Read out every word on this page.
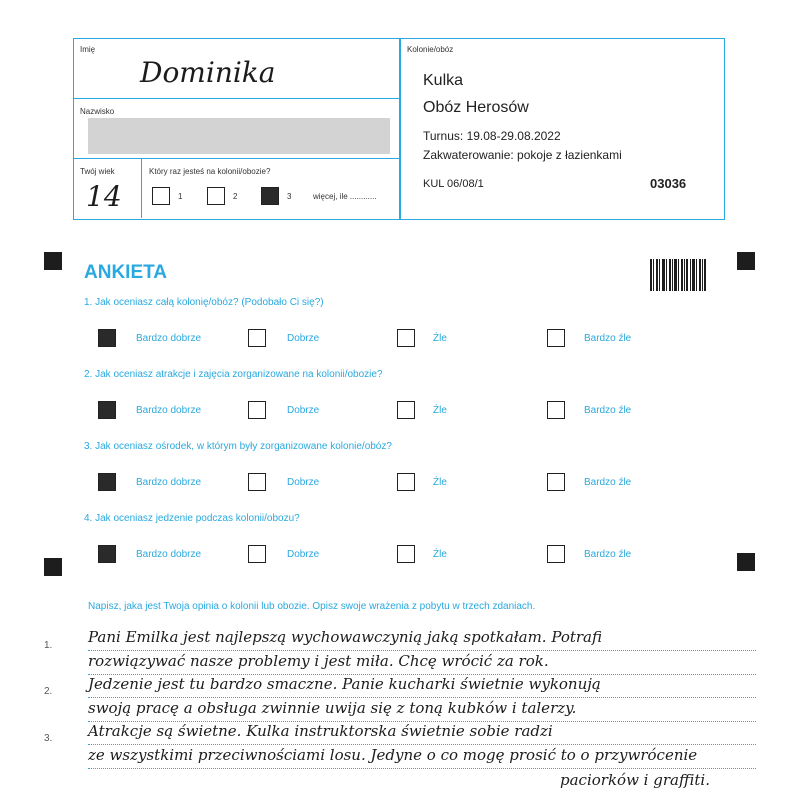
Imię
Dominika
Nazwisko
Twój wiek
14
Który raz jesteś na kolonii/obozie?
1	2	3	więcej, ile ............
Kolonie/obóz
Kulka
Obóz Herosów
Turnus: 19.08-29.08.2022
Zakwaterowanie: pokoje z łazienkami
KUL 06/08/1	03036
ANKIETA
1. Jak oceniasz całą kolonię/obóz? (Podobało Ci się?)
Bardzo dobrze	Dobrze	Źle	Bardzo źle
2. Jak oceniasz atrakcje i zajęcia zorganizowane na kolonii/obozie?
Bardzo dobrze	Dobrze	Źle	Bardzo źle
3. Jak oceniasz ośrodek, w którym były zorganizowane kolonie/obóz?
Bardzo dobrze	Dobrze	Źle	Bardzo źle
4. Jak oceniasz jedzenie podczas kolonii/obozu?
Bardzo dobrze	Dobrze	Źle	Bardzo źle
Napisz, jaka jest Twoja opinia o kolonii lub obozie. Opisz swoje wrażenia z pobytu w trzech zdaniach.
1.
2.
3.
Pani Emilka jest najlepszą wychowawczynią jaką spotkałam. Potrafi
rozwiązywać nasze problemy i jest miła. Chcę wrócić za rok.
Jedzenie jest tu bardzo smaczne. Panie kucharki świetnie wykonują
swoją pracę a obsługa zwinnie uwija się z toną kubków i talerzy.
Atrakcje są świetne. Kulka instruktorska świetnie sobie radzi
ze wszystkimi przeciwnościami losu. Jedyne o co mogę prosić to o przywrócenie
paciorków i graffiti.
